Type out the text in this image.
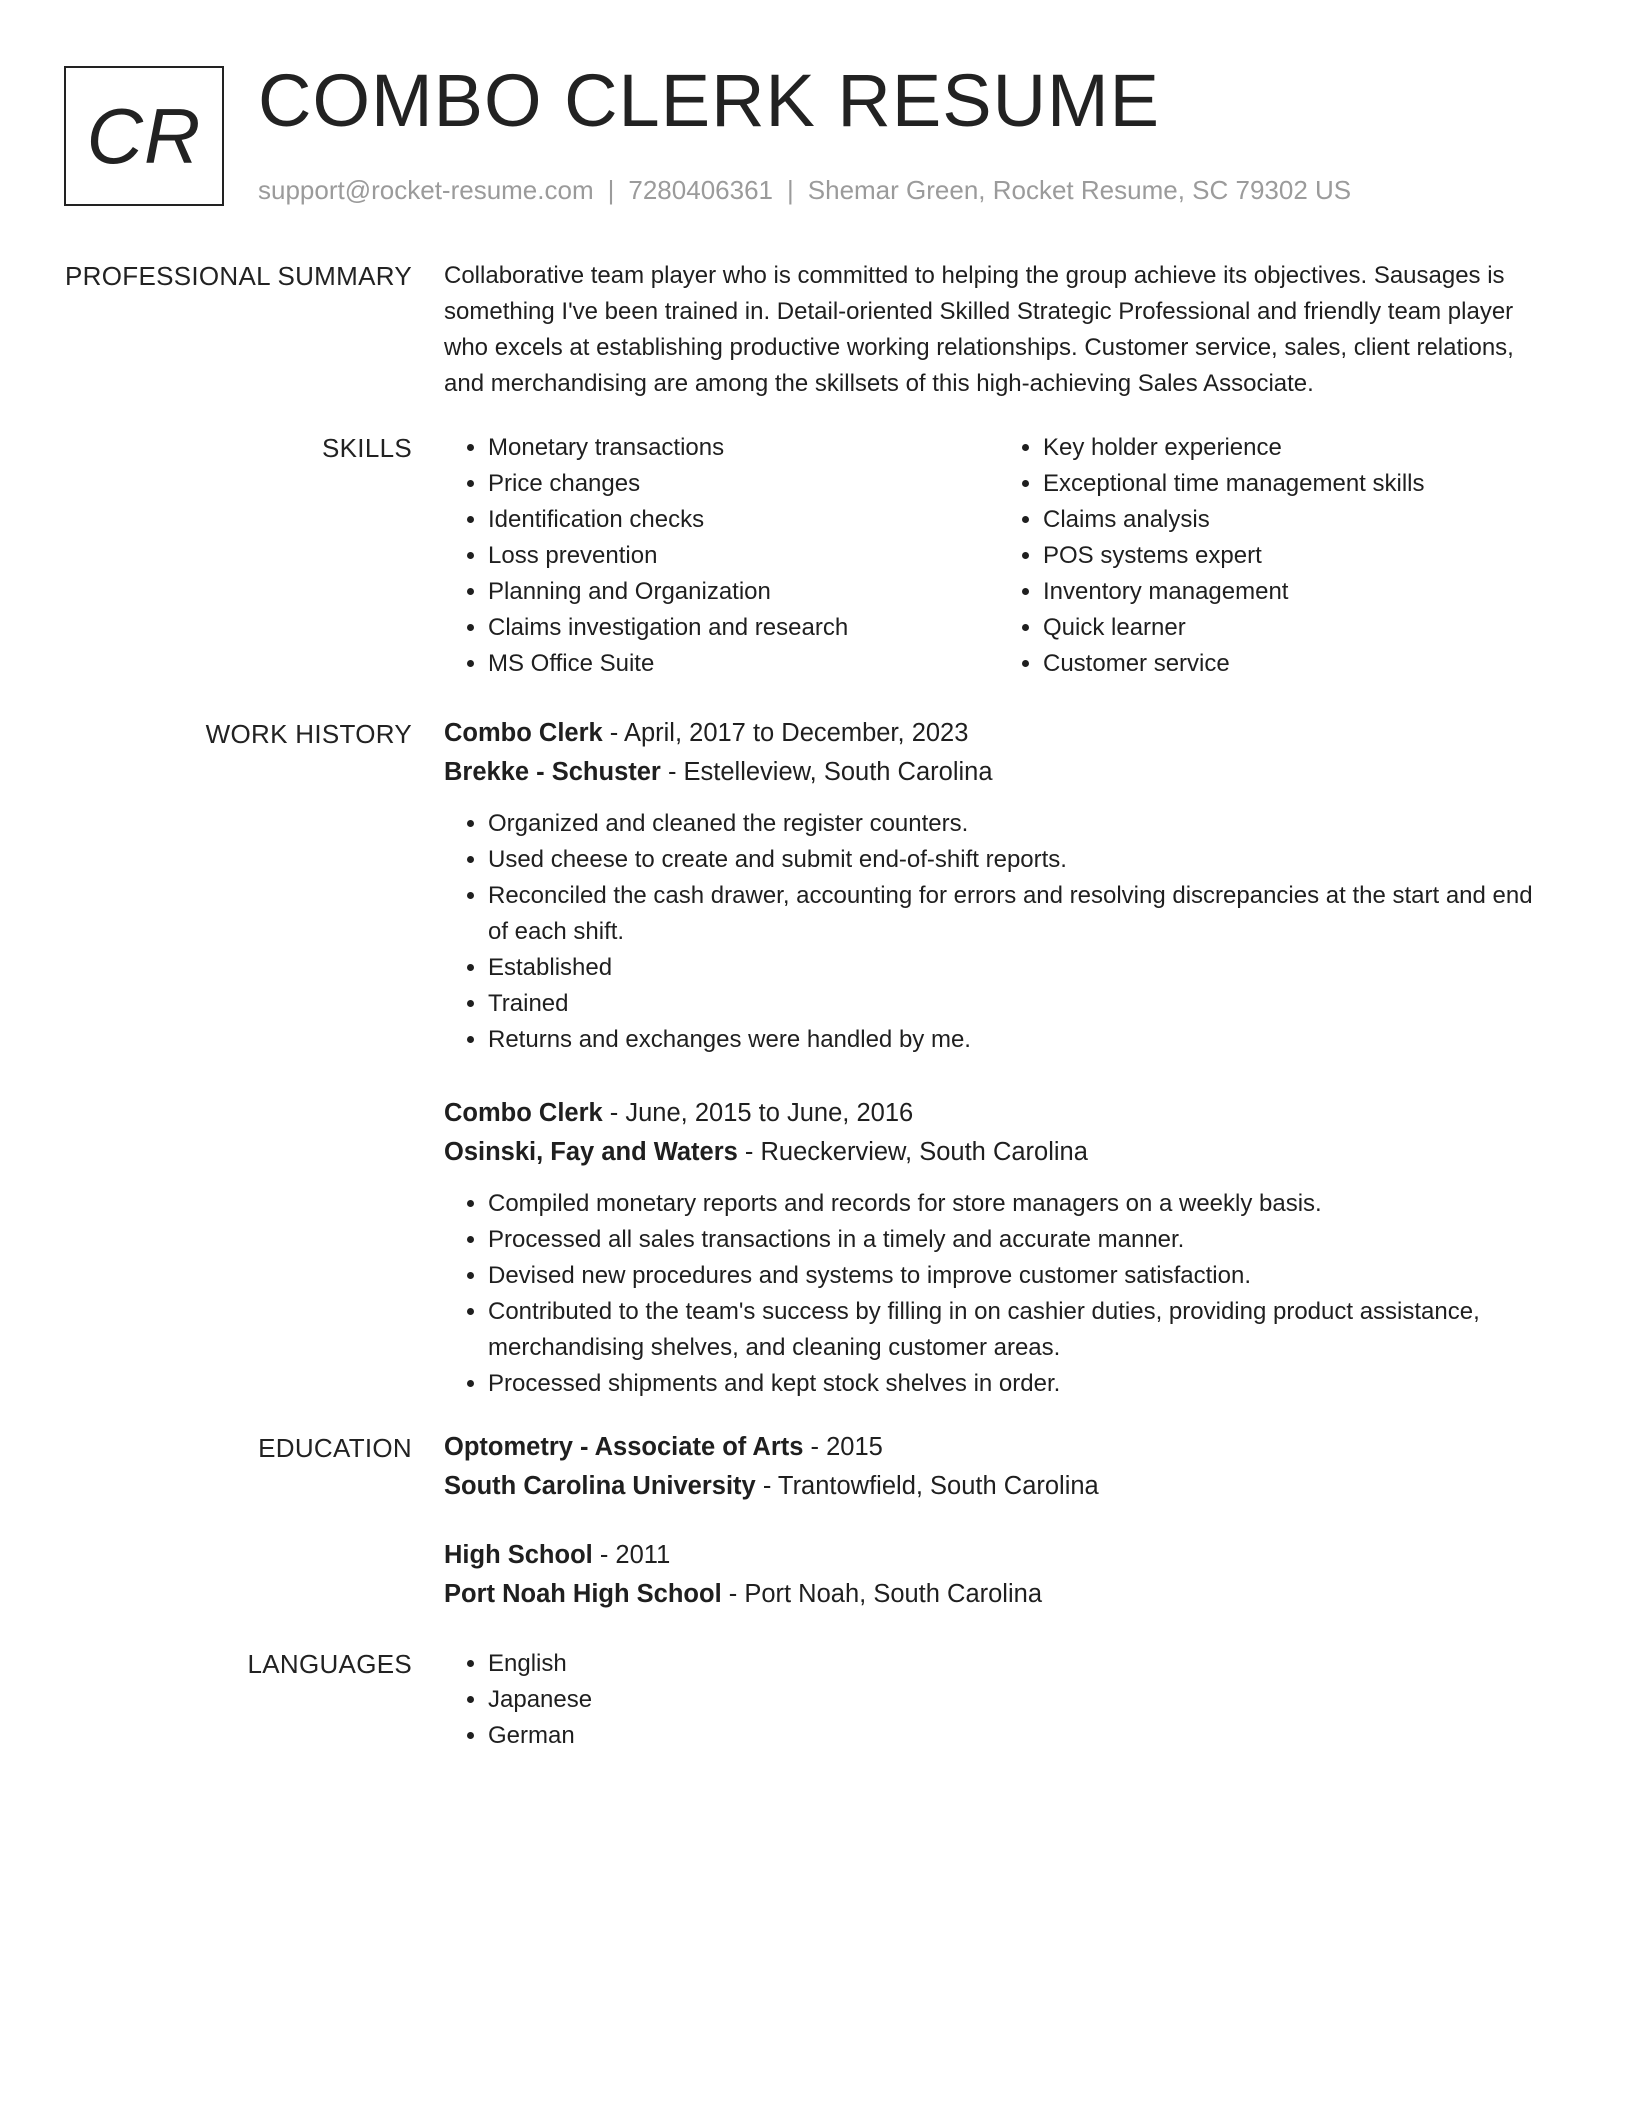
CR COMBO CLERK RESUME
support@rocket-resume.com | 7280406361 | Shemar Green, Rocket Resume, SC 79302 US
PROFESSIONAL SUMMARY Collaborative team player who is committed to helping the group achieve its objectives. Sausages is something I've been trained in. Detail-oriented Skilled Strategic Professional and friendly team player who excels at establishing productive working relationships. Customer service, sales, client relations, and merchandising are among the skillsets of this high-achieving Sales Associate.

SKILLS	• Monetary transactions
• Price changes
• Identification checks
• Loss prevention
• Planning and Organization
• Claims investigation and research
• MS Office Suite
• Key holder experience
• Exceptional time management skills
• Claims analysis
• POS systems expert
• Inventory management
• Quick learner
• Customer service
WORK HISTORY Combo Clerk - April, 2017 to December, 2023
Brekke - Schuster - Estelleview, South Carolina
• Organized and cleaned the register counters.
• Used cheese to create and submit end-of-shift reports.
• Reconciled the cash drawer, accounting for errors and resolving discrepancies at the start and end of each shift.
• Established
• Trained
• Returns and exchanges were handled by me.
Combo Clerk - June, 2015 to June, 2016
Osinski, Fay and Waters - Rueckerview, South Carolina
• Compiled monetary reports and records for store managers on a weekly basis.
• Processed all sales transactions in a timely and accurate manner.
• Devised new procedures and systems to improve customer satisfaction.
• Contributed to the team's success by filling in on cashier duties, providing product assistance, merchandising shelves, and cleaning customer areas.
• Processed shipments and kept stock shelves in order.
EDUCATION Optometry - Associate of Arts - 2015
South Carolina University - Trantowfield, South Carolina
High School - 2011
Port Noah High School - Port Noah, South Carolina
LANGUAGES	• English
• Japanese
• German
